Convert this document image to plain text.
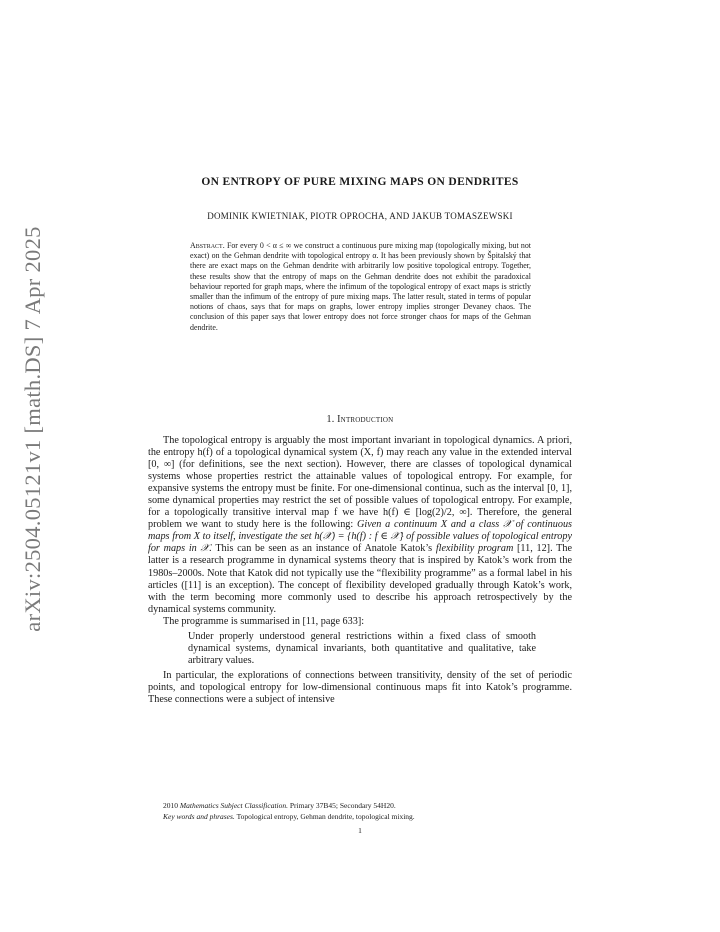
arXiv:2504.05121v1 [math.DS] 7 Apr 2025
ON ENTROPY OF PURE MIXING MAPS ON DENDRITES
DOMINIK KWIETNIAK, PIOTR OPROCHA, AND JAKUB TOMASZEWSKI
Abstract. For every 0 < α ≤ ∞ we construct a continuous pure mixing map (topologically mixing, but not exact) on the Gehman dendrite with topological entropy α. It has been previously shown by Špitalský that there are exact maps on the Gehman dendrite with arbitrarily low positive topological entropy. Together, these results show that the entropy of maps on the Gehman dendrite does not exhibit the paradoxical behaviour reported for graph maps, where the infimum of the topological entropy of exact maps is strictly smaller than the infimum of the entropy of pure mixing maps. The latter result, stated in terms of popular notions of chaos, says that for maps on graphs, lower entropy implies stronger Devaney chaos. The conclusion of this paper says that lower entropy does not force stronger chaos for maps of the Gehman dendrite.
1. Introduction

The topological entropy is arguably the most important invariant in topological dynamics. A priori, the entropy h(f) of a topological dynamical system (X, f) may reach any value in the extended interval [0, ∞] (for definitions, see the next section). However, there are classes of topological dynamical systems whose properties restrict the attainable values of topological entropy. For example, for expansive systems the entropy must be finite. For one-dimensional continua, such as the interval [0, 1], some dynamical properties may restrict the set of possible values of topological entropy. For example, for a topologically transitive interval map f we have h(f) ∈ [log(2)/2, ∞]. Therefore, the general problem we want to study here is the following: Given a continuum X and a class 𝒳 of continuous maps from X to itself, investigate the set h(𝒳) = {h(f) : f ∈ 𝒳} of possible values of topological entropy for maps in 𝒳. This can be seen as an instance of Anatole Katok’s flexibility program [11, 12]. The latter is a research programme in dynamical systems theory that is inspired by Katok’s work from the 1980s–2000s. Note that Katok did not typically use the “flexibility programme” as a formal label in his articles ([11] is an exception). The concept of flexibility developed gradually through Katok’s work, with the term becoming more commonly used to describe his approach retrospectively by the dynamical systems community.

The programme is summarised in [11, page 633]:

Under properly understood general restrictions within a fixed class of smooth dynamical systems, dynamical invariants, both quantitative and qualitative, take arbitrary values.

In particular, the explorations of connections between transitivity, density of the set of periodic points, and topological entropy for low-dimensional continuous maps fit into Katok’s programme. These connections were a subject of intensive

2010 Mathematics Subject Classification. Primary 37B45; Secondary 54H20.
Key words and phrases. Topological entropy, Gehman dendrite, topological mixing.
1
